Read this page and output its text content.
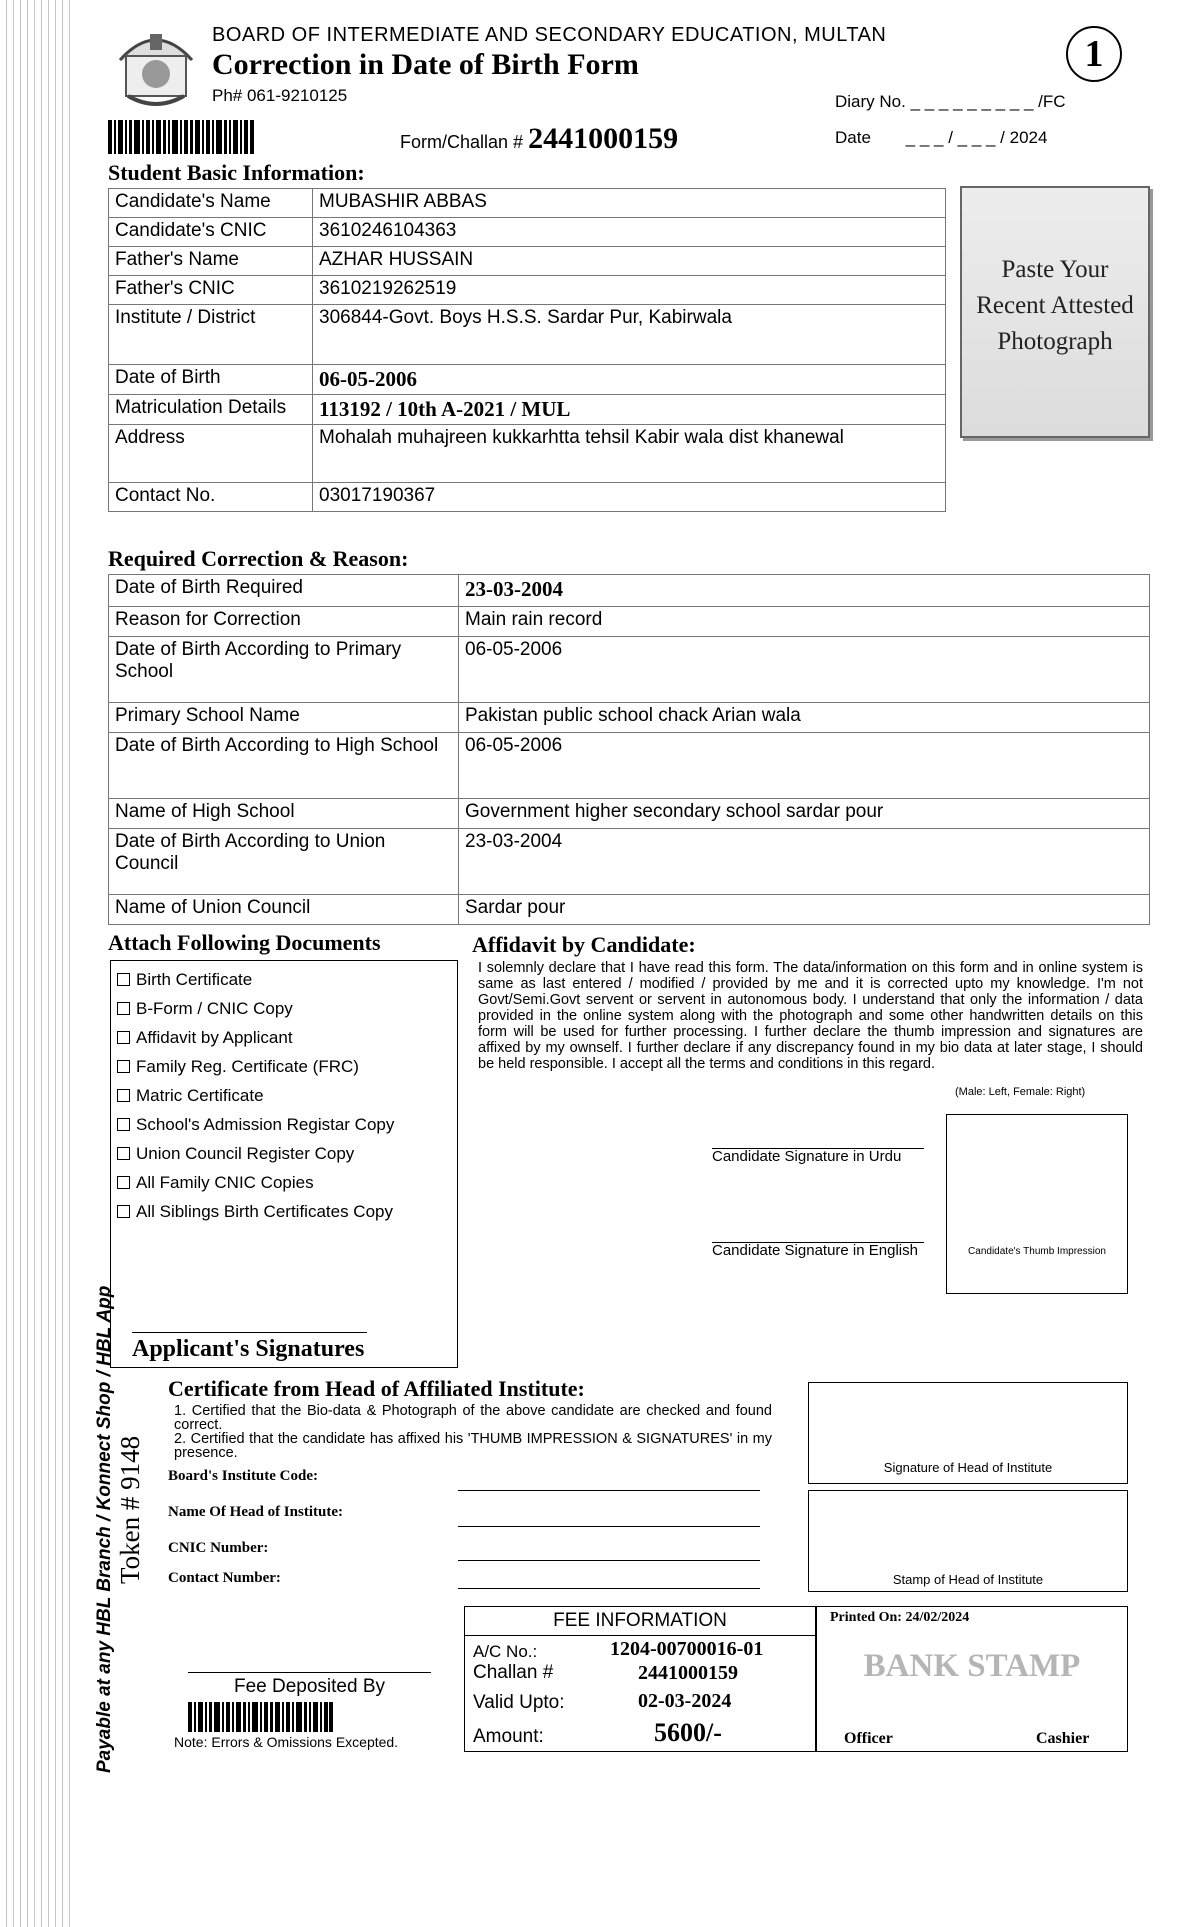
BOARD OF INTERMEDIATE AND SECONDARY EDUCATION, MULTAN
Correction in Date of Birth Form
Ph# 061-9210125
1
Diary No. _ _ _ _ _ _ _ _ _ /FC
Date _ _ _ / _ _ _ / 2024
Form/Challan # 2441000159
Student Basic Information:
Candidate's Name	MUBASHIR ABBAS
Candidate's CNIC	3610246104363
Father's Name	AZHAR HUSSAIN
Father's CNIC	3610219262519
Institute / District	306844-Govt. Boys H.S.S. Sardar Pur, Kabirwala
Date of Birth	06-05-2006
Matriculation Details	113192 / 10th A-2021 / MUL
Address	Mohalah muhajreen kukkarhtta tehsil Kabir wala dist khanewal
Contact No.	03017190367
Paste Your
Recent Attested
Photograph
Required Correction & Reason:
Date of Birth Required	23-03-2004
Reason for Correction	Main rain record
Date of Birth According to Primary School	06-05-2006
Primary School Name	Pakistan public school chack Arian wala
Date of Birth According to High School	06-05-2006
Name of High School	Government higher secondary school sardar pour
Date of Birth According to Union Council	23-03-2004
Name of Union Council	Sardar pour
Attach Following Documents
Birth Certificate
B-Form / CNIC Copy
Affidavit by Applicant
Family Reg. Certificate (FRC)
Matric Certificate
School's Admission Registar Copy
Union Council Register Copy
All Family CNIC Copies
All Siblings Birth Certificates Copy
Applicant's Signatures
Affidavit by Candidate:
I solemnly declare that I have read this form. The data/information on this form and in online system is same as last entered / modified / provided by me and it is corrected upto my knowledge. I'm not Govt/Semi.Govt servent or servent in autonomous body. I understand that only the information / data provided in the online system along with the photograph and some other handwritten details on this form will be used for further processing. I further declare the thumb impression and signatures are affixed by my ownself. I further declare if any discrepancy found in my bio data at later stage, I should be held responsible. I accept all the terms and conditions in this regard.
(Male: Left, Female: Right)
Candidate Signature in Urdu
Candidate Signature in English	Candidate's Thumb Impression
Certificate from Head of Affiliated Institute:
1. Certified that the Bio-data & Photograph of the above candidate are checked and found correct.
2. Certified that the candidate has affixed his 'THUMB IMPRESSION & SIGNATURES' in my presence.
Board's Institute Code:
Name Of Head of Institute:
CNIC Number:
Contact Number:
Signature of Head of Institute
Stamp of Head of Institute
Payable at any HBL Branch / Konnect Shop / HBL App Token # 9148
Fee Deposited By
Note: Errors & Omissions Excepted.
FEE INFORMATION
A/C No.:	1204-00700016-01
Challan #	2441000159
Valid Upto:	02-03-2024
Amount:	5600/-
Printed On: 24/02/2024
BANK STAMP
Officer	Cashier
